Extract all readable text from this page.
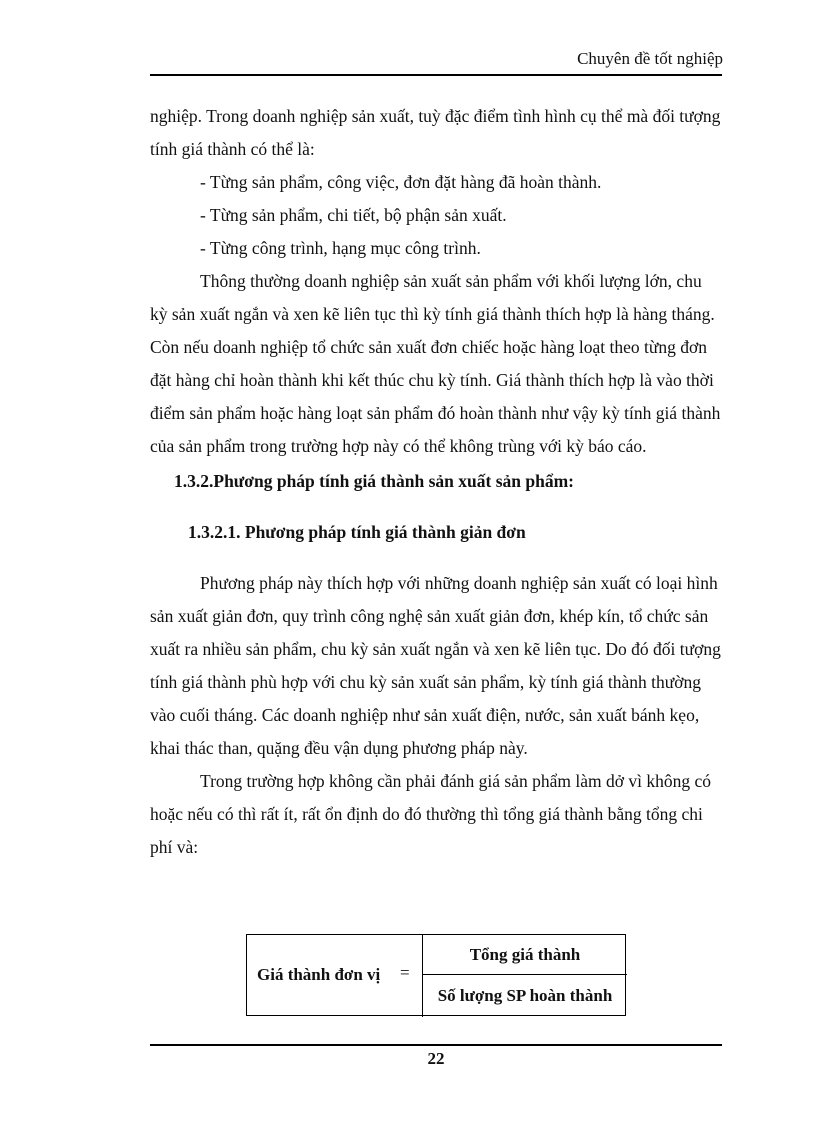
Chuyên đề tốt nghiệp

nghiệp. Trong doanh nghiệp sản xuất, tuỳ đặc điểm tình hình cụ thể mà đối tượng tính giá thành có thể là:

- Từng sản phẩm, công việc, đơn đặt hàng đã hoàn thành.

- Từng sản phẩm, chi tiết, bộ phận sản xuất.

- Từng công trình, hạng mục công trình.

Thông thường doanh nghiệp sản xuất sản phẩm với khối lượng lớn, chu kỳ sản xuất ngắn và xen kẽ liên tục thì kỳ tính giá thành thích hợp là hàng tháng. Còn nếu doanh nghiệp tổ chức sản xuất đơn chiếc hoặc hàng loạt theo từng đơn đặt hàng chỉ hoàn thành khi kết thúc chu kỳ tính. Giá thành thích hợp là vào thời điểm sản phẩm hoặc hàng loạt sản phẩm đó hoàn thành như vậy kỳ tính giá thành của sản phẩm trong trường hợp này có thể không trùng với kỳ báo cáo.

1.3.2.Phương pháp tính giá thành sản xuất sản phẩm:

1.3.2.1. Phương pháp tính giá thành giản đơn

Phương pháp này thích hợp với những doanh nghiệp sản xuất có loại hình sản xuất giản đơn, quy trình công nghệ sản xuất giản đơn, khép kín, tổ chức sản xuất ra nhiều sản phẩm, chu kỳ sản xuất ngắn và xen kẽ liên tục. Do đó đối tượng tính giá thành phù hợp với chu kỳ sản xuất sản phẩm, kỳ tính giá thành thường vào cuối tháng. Các doanh nghiệp như sản xuất điện, nước, sản xuất bánh kẹo, khai thác than, quặng đều vận dụng phương pháp này.

Trong trường hợp không cần phải đánh giá sản phẩm làm dở vì không có hoặc nếu có thì rất ít, rất ổn định do đó thường thì tổng giá thành bằng tổng chi phí và:

Giá thành đơn vị =
Tổng giá thành
Số lượng SP hoàn thành
22
